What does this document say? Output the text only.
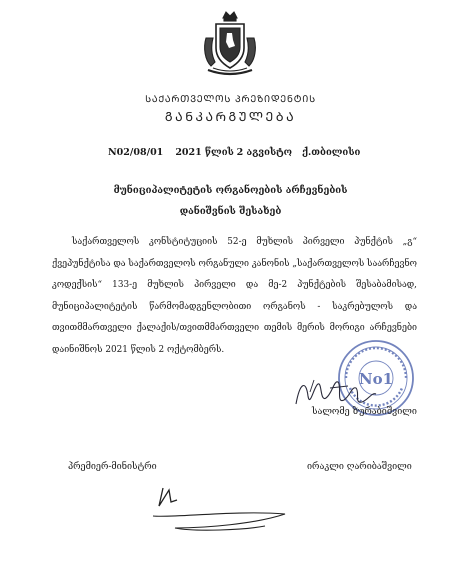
ᲡᲐᲥᲐᲠᲗᲕᲔᲚᲝᲡ ᲞᲠᲔᲖᲘᲓᲔᲜᲢᲘᲡ
ᲒᲐᲜᲙᲐᲠᲒᲣᲚᲔᲑᲐ
N02/08/01 2021 წლის 2 აგვისტო ქ.თბილისი
მუნიციპალიტეტის ორგანოების არჩევნების
დანიშვნის შესახებ

საქართველოს კონსტიტუციის 52-ე მუხლის პირველი პუნქტის „გ“ ქვეპუნქტისა და საქართველოს ორგანული კანონის „საქართველოს საარჩევნო კოდექსის“ 133-ე მუხლის პირველი და მე-2 პუნქტების შესაბამისად, მუნიციპალიტეტის წარმომადგენლობითი ორგანოს - საკრებულოს და თვითმმართველი ქალაქის/თვითმმართველი თემის მერის მორიგი არჩევნები დაინიშნოს 2021 წლის 2 ოქტომბერს.

No1
სალომე ზურაბიშვილი
პრემიერ-მინისტრი	ირაკლი ღარიბაშვილი
